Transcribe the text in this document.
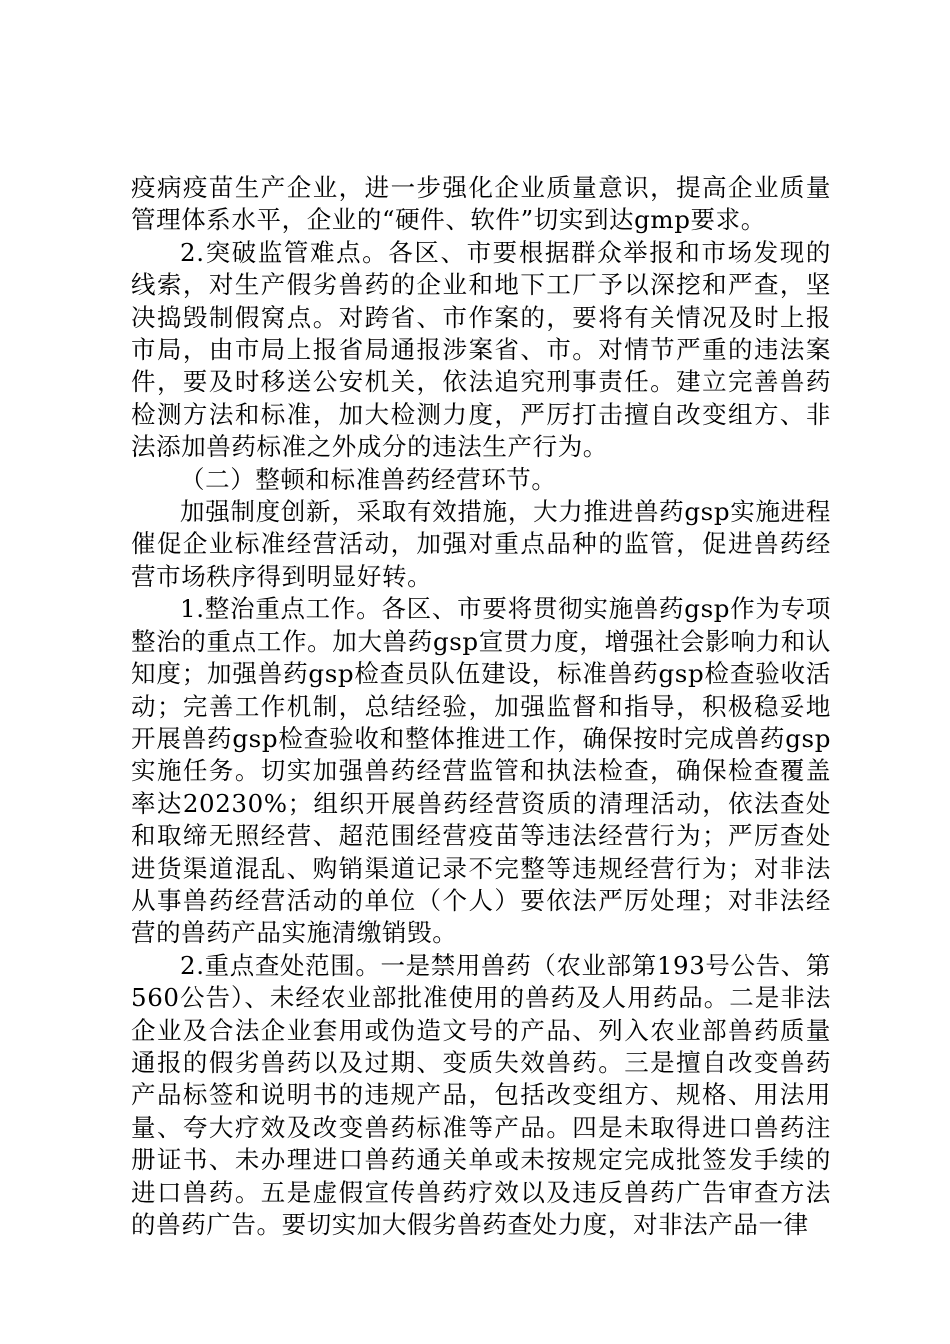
疫病疫苗生产企业，进一步强化企业质量意识，提高企业质量管理体系水平，企业的“硬件、软件”切实到达gmp要求。

2.突破监管难点。各区、市要根据群众举报和市场发现的线索，对生产假劣兽药的企业和地下工厂予以深挖和严查，坚决捣毁制假窝点。对跨省、市作案的，要将有关情况及时上报市局，由市局上报省局通报涉案省、市。对情节严重的违法案件，要及时移送公安机关，依法追究刑事责任。建立完善兽药检测方法和标准，加大检测力度，严厉打击擅自改变组方、非法添加兽药标准之外成分的违法生产行为。

（二）整顿和标准兽药经营环节。

加强制度创新，采取有效措施，大力推进兽药gsp实施进程催促企业标准经营活动，加强对重点品种的监管，促进兽药经营市场秩序得到明显好转。

1.整治重点工作。各区、市要将贯彻实施兽药gsp作为专项整治的重点工作。加大兽药gsp宣贯力度，增强社会影响力和认知度；加强兽药gsp检查员队伍建设，标准兽药gsp检查验收活动；完善工作机制，总结经验，加强监督和指导，积极稳妥地开展兽药gsp检查验收和整体推进工作，确保按时完成兽药gsp实施任务。切实加强兽药经营监管和执法检查，确保检查覆盖率达20230%；组织开展兽药经营资质的清理活动，依法查处和取缔无照经营、超范围经营疫苗等违法经营行为；严厉查处进货渠道混乱、购销渠道记录不完整等违规经营行为；对非法从事兽药经营活动的单位（个人）要依法严厉处理；对非法经营的兽药产品实施清缴销毁。

2.重点查处范围。一是禁用兽药（农业部第193号公告、第560公告）、未经农业部批准使用的兽药及人用药品。二是非法企业及合法企业套用或伪造文号的产品、列入农业部兽药质量通报的假劣兽药以及过期、变质失效兽药。三是擅自改变兽药产品标签和说明书的违规产品，包括改变组方、规格、用法用量、夸大疗效及改变兽药标准等产品。四是未取得进口兽药注册证书、未办理进口兽药通关单或未按规定完成批签发手续的进口兽药。五是虚假宣传兽药疗效以及违反兽药广告审查方法的兽药广告。要切实加大假劣兽药查处力度，对非法产品一律
